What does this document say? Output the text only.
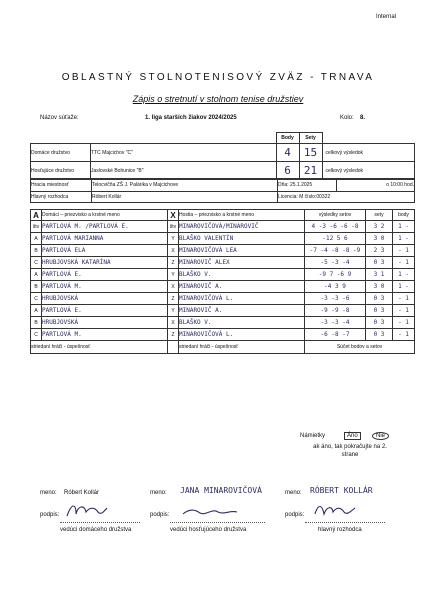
Internal
OBLASTNÝ STOLNOTENISOVÝ ZVÄZ - TRNAVA
Zápis o stretnutí v stolnom tenise družstiev
Názov súťaže:	1. liga starších žiakov 2024/2025	Kolo: 8.
		Body	Sety	
Domáce družstvo	TTC Majcichov "C"	4	15	celkový výsledok
Hosťujúce družstvo	Jaslovské Bohunice "B"	6	21	celkový výsledok
Hracia miestnosť	Telocvičňa ZŠ J. Palárika v Majcichove	Dňa: 25.1.2025	o 10:00 hod.
Hlavný rozhodca	Róbert Kollár	Licencia: M číslo:00322	
A	Domáci – priezvisko a krstné meno	X	Hostia – priezvisko a krstné meno	výsledky setov	sety	body
štv	PARTLOVÁ M. /PARTLOVÁ E.	štv	MINAROVIČOVÁ/MINAROVIČ	4 -3 -6 -6 -8	3 2	1 -
A	PARTLOVÁ MARIANNA	Y	BLAŠKO VALENTÍN	-12 5 6	3 0	1 -
B	PARTLOVÁ ELA	X	MINAROVIČOVÁ LEA	-7 -4 -8 -8 -9	2 3	- 1
C	HRUBJOVSKÁ KATARÍNA	Z	MINAROVIČ ALEX	-5 -3 -4	0 3	- 1
A	PARTLOVÁ E.	Y	BLAŠKO V.	-9 7 -6 9	3 1	1 -
B	PARTLOVÁ M.	X	MINAROVIČ A.	-4 3 9	3 0	1 -
C	HRUBJOVSKÁ	Z	MINAROVIČOVÁ L.	-3 -3 -6	0 3	- 1
A	PARTLOVÁ E.	Y	MINAROVIČ A.	-9 -9 -8	0 3	- 1
B	HRUBJOVSKÁ	X	BLAŠKO V.	-3 -3 -4	0 3	- 1
C	PARTLOVÁ M.	Z	MINAROVIČOVÁ L.	-6 -8 -7	0 3	- 1
striedaní hráči - úspešnosť			striedaní hráči - úspešnosť	Súčet bodov a setov		
Námietky	Áno	Nie
ak áno, tak pokračujte na 2. strane
meno: Róbert Kollár	meno: JANA MINAROVIČOVÁ	meno: RÓBERT KOLLÁR
podpis:	podpis:	podpis:
vedúci domáceho družstva	vedúci hosťujúceho družstva	hlavný rozhodca
